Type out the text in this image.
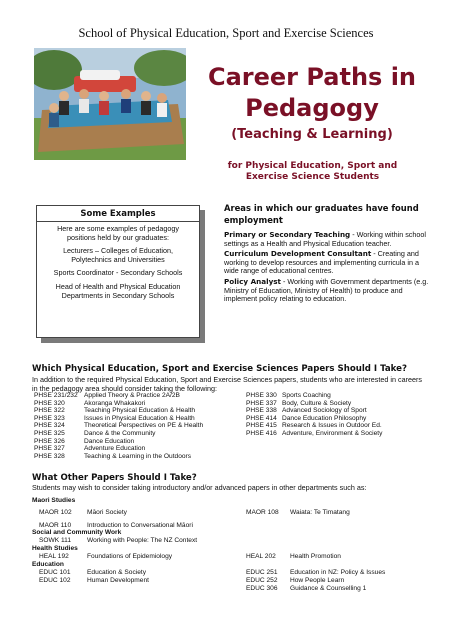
School of Physical Education, Sport and Exercise Sciences
Career Paths in
Pedagogy
(Teaching & Learning)
for Physical Education, Sport and
Exercise Science Students
Some Examples

Here are some examples of pedagogy positions held by our graduates:

Lecturers – Colleges of Education, Polytechnics and Universities

Sports Coordinator - Secondary Schools

Head of Health and Physical Education Departments in Secondary Schools

Areas in which our graduates have found employment

Primary or Secondary Teaching - Working within school settings as a Health and Physical Education teacher.

Curriculum Development Consultant - Creating and working to develop resources and implementing curricula in a wide range of educational centres.

Policy Analyst - Working with Government departments (e.g. Ministry of Education, Ministry of Health) to produce and implement policy relating to education.

Which Physical Education, Sport and Exercise Sciences Papers Should I Take?
In addition to the required Physical Education, Sport and Exercise Sciences papers, students who are interested in careers in the pedagogy area should consider taking the following:
PHSE 231/232 Applied Theory & Practice 2A/2B
PHSE 320	Akoranga Whakakori
PHSE 322	Teaching Physical Education & Health
PHSE 323	Issues in Physical Education & Health
PHSE 324	Theoretical Perspectives on PE & Health
PHSE 325	Dance & the Community
PHSE 326	Dance Education
PHSE 327	Adventure Education
PHSE 328	Teaching & Learning in the Outdoors
PHSE 330 Sports Coaching
PHSE 337 Body, Culture & Society
PHSE 338 Advanced Sociology of Sport
PHSE 414 Dance Education Philosophy
PHSE 415 Research & Issues in Outdoor Ed.
PHSE 416 Adventure, Environment & Society
What Other Papers Should I Take?
Students may wish to consider taking introductory and/or advanced papers in other departments such as:
Maori Studies
MAOR 102 Māori Society	MAOR 108 Waiata: Te Timatang
MAOR 110 Introduction to Conversational Māori
Social and Community Work
SOWK 111 Working with People: The NZ Context
Health Studies
HEAL 192	Foundations of Epidemiology	HEAL 202 Health Promotion
Education
EDUC 101 Education & Society	EDUC 251 Education in NZ: Policy & Issues
EDUC 102 Human Development	EDUC 252 How People Learn
EDUC 306 Guidance & Counselling 1
